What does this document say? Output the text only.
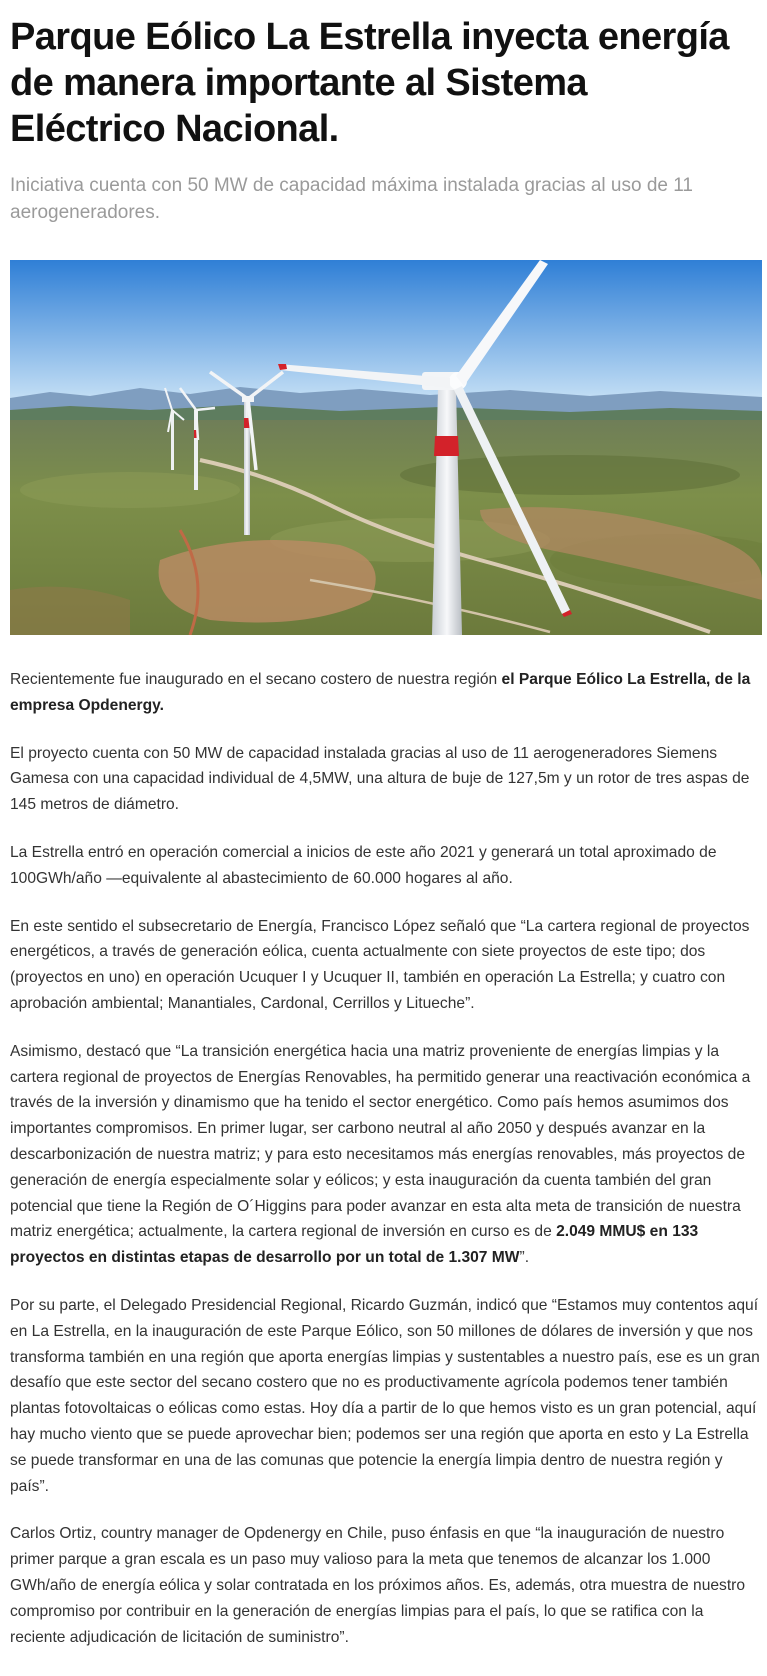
Parque Eólico La Estrella inyecta energía de manera importante al Sistema Eléctrico Nacional.

Iniciativa cuenta con 50 MW de capacidad máxima instalada gracias al uso de 11 aerogeneradores.

Recientemente fue inaugurado en el secano costero de nuestra región el Parque Eólico La Estrella, de la empresa Opdenergy.

El proyecto cuenta con 50 MW de capacidad instalada gracias al uso de 11 aerogeneradores Siemens Gamesa con una capacidad individual de 4,5MW, una altura de buje de 127,5m y un rotor de tres aspas de 145 metros de diámetro.

La Estrella entró en operación comercial a inicios de este año 2021 y generará un total aproximado de 100GWh/año —equivalente al abastecimiento de 60.000 hogares al año.

En este sentido el subsecretario de Energía, Francisco López señaló que “La cartera regional de proyectos energéticos, a través de generación eólica, cuenta actualmente con siete proyectos de este tipo; dos (proyectos en uno) en operación Ucuquer I y Ucuquer II, también en operación La Estrella; y cuatro con aprobación ambiental; Manantiales, Cardonal, Cerrillos y Litueche”.

Asimismo, destacó que “La transición energética hacia una matriz proveniente de energías limpias y la cartera regional de proyectos de Energías Renovables, ha permitido generar una reactivación económica a través de la inversión y dinamismo que ha tenido el sector energético. Como país hemos asumimos dos importantes compromisos. En primer lugar, ser carbono neutral al año 2050 y después avanzar en la descarbonización de nuestra matriz; y para esto necesitamos más energías renovables, más proyectos de generación de energía especialmente solar y eólicos; y esta inauguración da cuenta también del gran potencial que tiene la Región de O´Higgins para poder avanzar en esta alta meta de transición de nuestra matriz energética; actualmente, la cartera regional de inversión en curso es de 2.049 MMU$ en 133 proyectos en distintas etapas de desarrollo por un total de 1.307 MW”.

Por su parte, el Delegado Presidencial Regional, Ricardo Guzmán, indicó que “Estamos muy contentos aquí en La Estrella, en la inauguración de este Parque Eólico, son 50 millones de dólares de inversión y que nos transforma también en una región que aporta energías limpias y sustentables a nuestro país, ese es un gran desafío que este sector del secano costero que no es productivamente agrícola podemos tener también plantas fotovoltaicas o eólicas como estas. Hoy día a partir de lo que hemos visto es un gran potencial, aquí hay mucho viento que se puede aprovechar bien; podemos ser una región que aporta en esto y La Estrella se puede transformar en una de las comunas que potencie la energía limpia dentro de nuestra región y país”.

Carlos Ortiz, country manager de Opdenergy en Chile, puso énfasis en que “la inauguración de nuestro primer parque a gran escala es un paso muy valioso para la meta que tenemos de alcanzar los 1.000 GWh/año de energía eólica y solar contratada en los próximos años. Es, además, otra muestra de nuestro compromiso por contribuir en la generación de energías limpias para el país, lo que se ratifica con la reciente adjudicación de licitación de suministro”.
